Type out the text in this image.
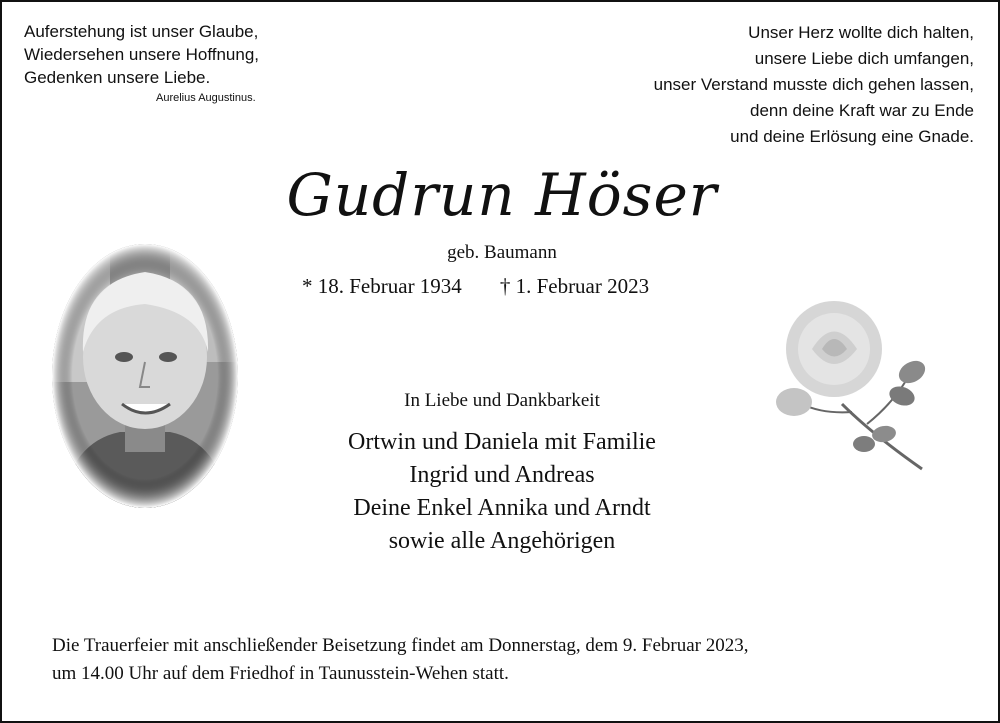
Auferstehung ist unser Glaube,
Wiedersehen unsere Hoffnung,
Gedenken unsere Liebe.
Aurelius Augustinus.
Unser Herz wollte dich halten,
unsere Liebe dich umfangen,
unser Verstand musste dich gehen lassen,
denn deine Kraft war zu Ende
und deine Erlösung eine Gnade.
Gudrun Höser
geb. Baumann
* 18. Februar 1934 † 1. Februar 2023
In Liebe und Dankbarkeit
Ortwin und Daniela mit Familie
Ingrid und Andreas
Deine Enkel Annika und Arndt
sowie alle Angehörigen
Die Trauerfeier mit anschließender Beisetzung findet am Donnerstag, dem 9. Februar 2023,
um 14.00 Uhr auf dem Friedhof in Taunusstein-Wehen statt.
